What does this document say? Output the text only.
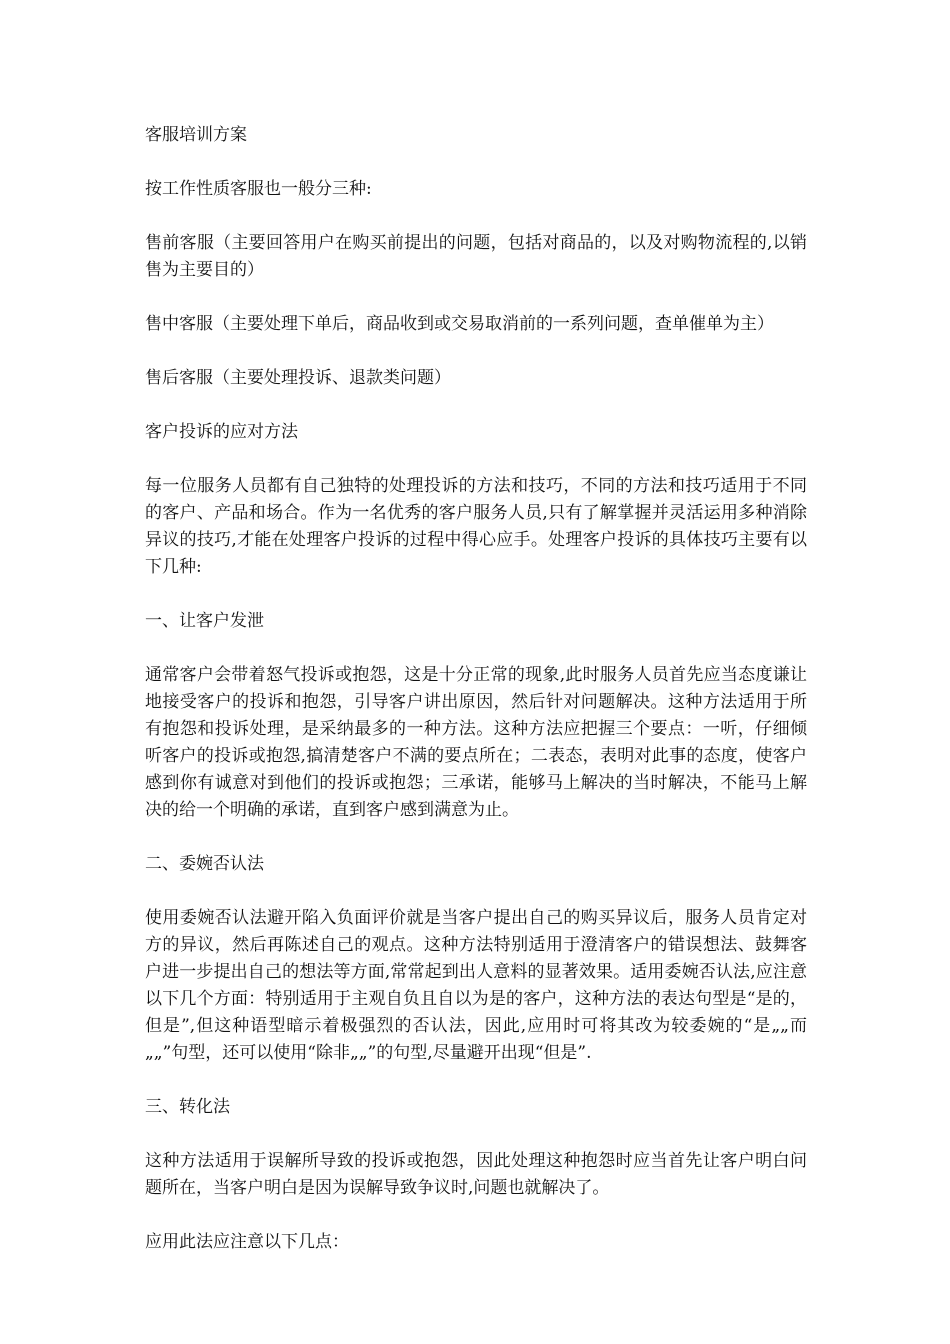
客服培训方案

按工作性质客服也一般分三种:

售前客服（主要回答用户在购买前提出的问题，包括对商品的，以及对购物流程的,以销售为主要目的）

售中客服（主要处理下单后，商品收到或交易取消前的一系列问题，查单催单为主）

售后客服（主要处理投诉、退款类问题）

客户投诉的应对方法

每一位服务人员都有自己独特的处理投诉的方法和技巧，不同的方法和技巧适用于不同的客户、产品和场合。作为一名优秀的客户服务人员,只有了解掌握并灵活运用多种消除异议的技巧,才能在处理客户投诉的过程中得心应手。处理客户投诉的具体技巧主要有以下几种:

一、让客户发泄

通常客户会带着怒气投诉或抱怨，这是十分正常的现象,此时服务人员首先应当态度谦让地接受客户的投诉和抱怨，引导客户讲出原因，然后针对问题解决。这种方法适用于所有抱怨和投诉处理，是采纳最多的一种方法。这种方法应把握三个要点：一听，仔细倾听客户的投诉或抱怨,搞清楚客户不满的要点所在；二表态，表明对此事的态度，使客户感到你有诚意对到他们的投诉或抱怨；三承诺，能够马上解决的当时解决，不能马上解决的给一个明确的承诺，直到客户感到满意为止。

二、委婉否认法

使用委婉否认法避开陷入负面评价就是当客户提出自己的购买异议后，服务人员肯定对方的异议，然后再陈述自己的观点。这种方法特别适用于澄清客户的错误想法、鼓舞客户进一步提出自己的想法等方面,常常起到出人意料的显著效果。适用委婉否认法,应注意以下几个方面：特别适用于主观自负且自以为是的客户，这种方法的表达句型是“是的，但是”,但这种语型暗示着极强烈的否认法，因此,应用时可将其改为较委婉的“是„„而„„”句型，还可以使用“除非„„”的句型,尽量避开出现“但是”.

三、转化法

这种方法适用于误解所导致的投诉或抱怨，因此处理这种抱怨时应当首先让客户明白问题所在，当客户明白是因为误解导致争议时,问题也就解决了。

应用此法应注意以下几点：
